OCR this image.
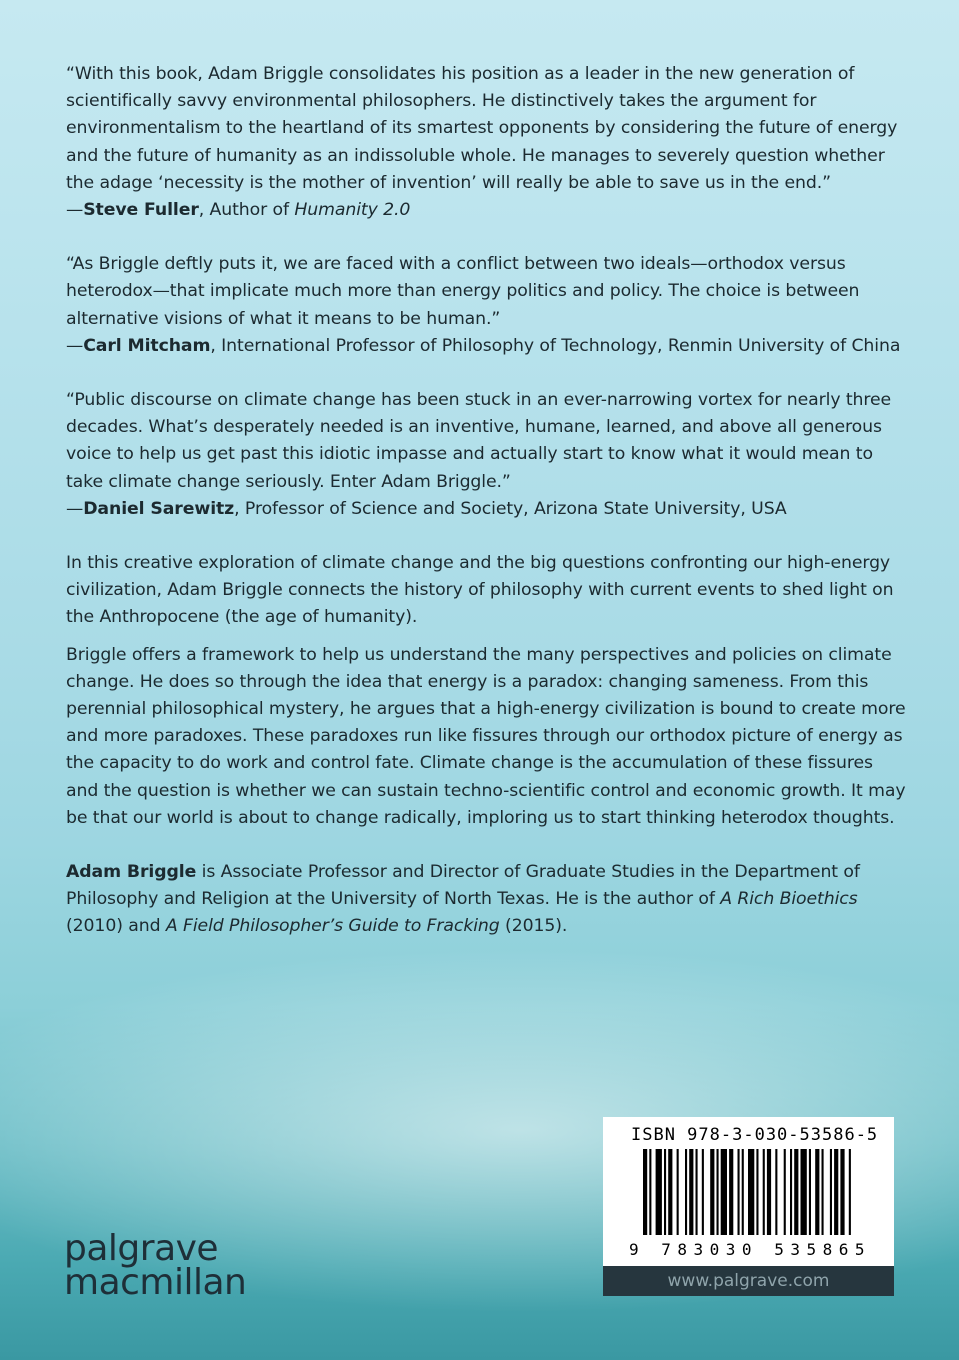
“With this book, Adam Briggle consolidates his position as a leader in the new generation of scientifically savvy environmental philosophers. He distinctively takes the argument for environmentalism to the heartland of its smartest opponents by considering the future of energy and the future of humanity as an indissoluble whole. He manages to severely question whether the adage ‘necessity is the mother of invention’ will really be able to save us in the end.”

—Steve Fuller, Author of Humanity 2.0

“As Briggle deftly puts it, we are faced with a conflict between two ideals—orthodox versus heterodox—that implicate much more than energy politics and policy. The choice is between alternative visions of what it means to be human.”

—Carl Mitcham, International Professor of Philosophy of Technology, Renmin University of China

“Public discourse on climate change has been stuck in an ever-narrowing vortex for nearly three decades. What’s desperately needed is an inventive, humane, learned, and above all generous voice to help us get past this idiotic impasse and actually start to know what it would mean to take climate change seriously. Enter Adam Briggle.”

—Daniel Sarewitz, Professor of Science and Society, Arizona State University, USA

In this creative exploration of climate change and the big questions confronting our high-energy civilization, Adam Briggle connects the history of philosophy with current events to shed light on the Anthropocene (the age of humanity).

Briggle offers a framework to help us understand the many perspectives and policies on climate change. He does so through the idea that energy is a paradox: changing sameness. From this perennial philosophical mystery, he argues that a high-energy civilization is bound to create more and more paradoxes. These paradoxes run like fissures through our orthodox picture of energy as the capacity to do work and control fate. Climate change is the accumulation of these fissures and the question is whether we can sustain techno-scientific control and economic growth. It may be that our world is about to change radically, imploring us to start thinking heterodox thoughts.

Adam Briggle is Associate Professor and Director of Graduate Studies in the Department of Philosophy and Religion at the University of North Texas. He is the author of A Rich Bioethics (2010) and A Field Philosopher’s Guide to Fracking (2015).

palgrave
macmillan
ISBN 978-3-030-53586-5
9 783030 535865
www.palgrave.com
